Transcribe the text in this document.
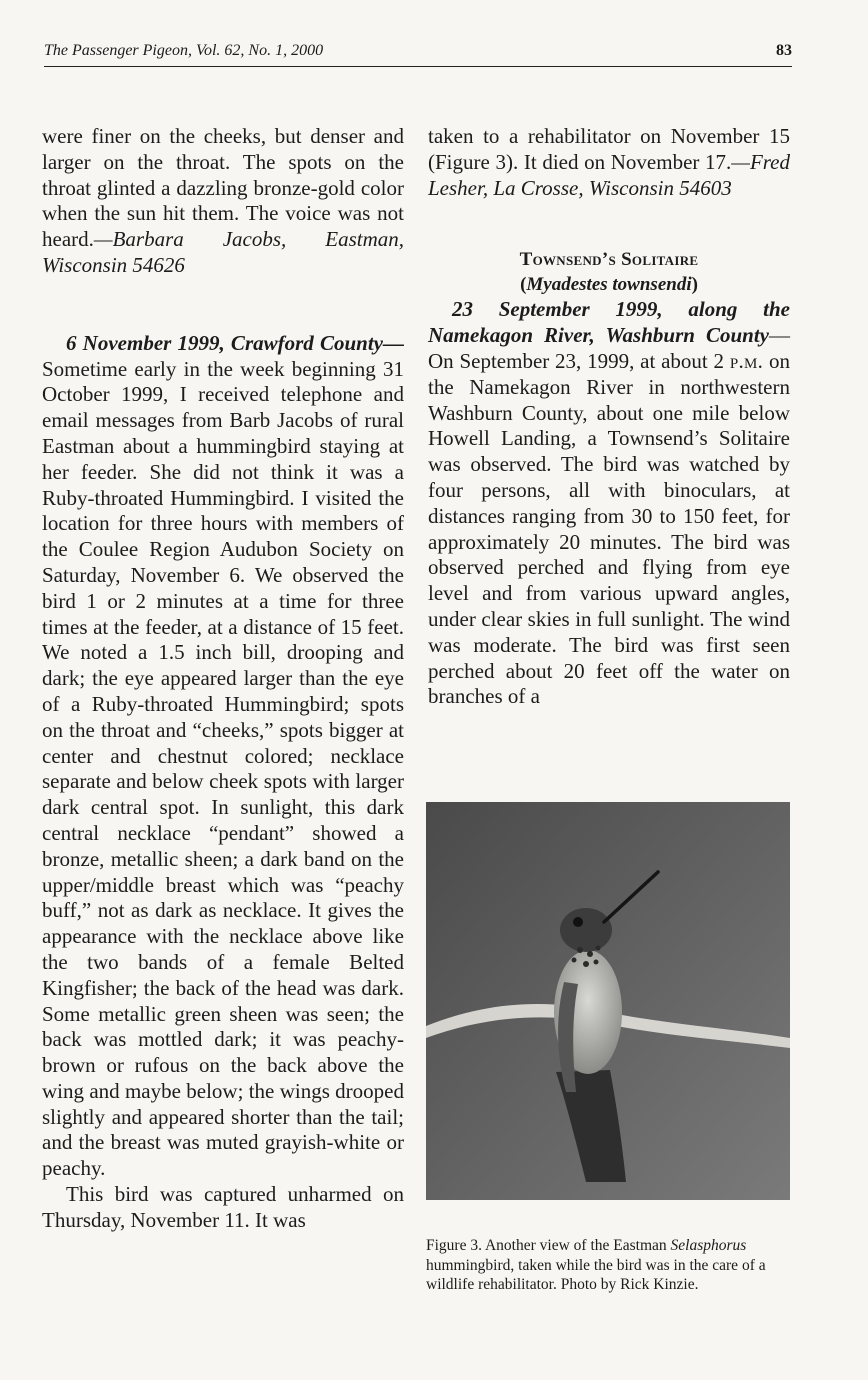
The Passenger Pigeon, Vol. 62, No. 1, 2000	83

were finer on the cheeks, but denser and larger on the throat. The spots on the throat glinted a dazzling bronze-gold color when the sun hit them. The voice was not heard.—Barbara Jacobs, Eastman, Wisconsin 54626

6 November 1999, Crawford County—Sometime early in the week beginning 31 October 1999, I received telephone and email messages from Barb Jacobs of rural Eastman about a hummingbird staying at her feeder. She did not think it was a Ruby-throated Hummingbird. I visited the location for three hours with members of the Coulee Region Audubon Society on Saturday, November 6. We observed the bird 1 or 2 minutes at a time for three times at the feeder, at a distance of 15 feet. We noted a 1.5 inch bill, drooping and dark; the eye appeared larger than the eye of a Ruby-throated Hummingbird; spots on the throat and “cheeks,” spots bigger at center and chestnut colored; necklace separate and below cheek spots with larger dark central spot. In sunlight, this dark central necklace “pendant” showed a bronze, metallic sheen; a dark band on the upper/middle breast which was “peachy buff,” not as dark as necklace. It gives the appearance with the necklace above like the two bands of a female Belted Kingfisher; the back of the head was dark. Some metallic green sheen was seen; the back was mottled dark; it was peachy-brown or rufous on the back above the wing and maybe below; the wings drooped slightly and appeared shorter than the tail; and the breast was muted grayish-white or peachy.

This bird was captured unharmed on Thursday, November 11. It was

taken to a rehabilitator on November 15 (Figure 3). It died on November 17.—Fred Lesher, La Crosse, Wisconsin 54603

Townsend’s Solitaire
(Myadestes townsendi)

23 September 1999, along the Namekagon River, Washburn County—On September 23, 1999, at about 2 p.m. on the Namekagon River in northwestern Washburn County, about one mile below Howell Landing, a Townsend’s Solitaire was observed. The bird was watched by four persons, all with binoculars, at distances ranging from 30 to 150 feet, for approximately 20 minutes. The bird was observed perched and flying from eye level and from various upward angles, under clear skies in full sunlight. The wind was moderate. The bird was first seen perched about 20 feet off the water on branches of a

Figure 3. Another view of the Eastman Selasphorus hummingbird, taken while the bird was in the care of a wildlife rehabilitator. Photo by Rick Kinzie.
